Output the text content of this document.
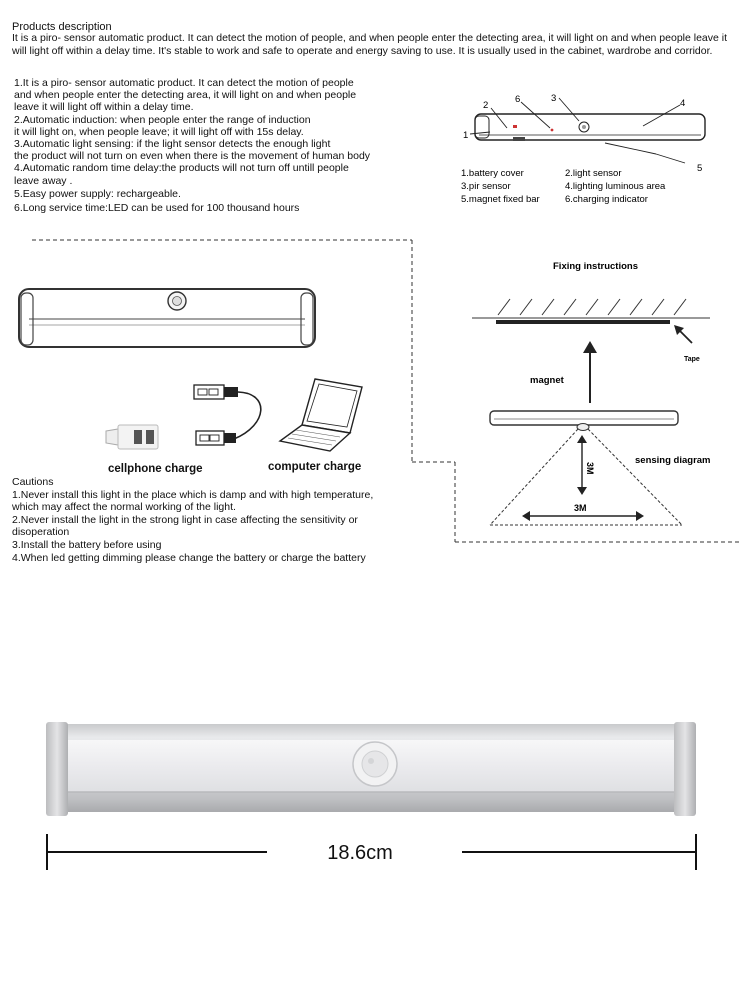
Products description

It is a piro- sensor automatic product. It can detect the motion of people, and when people enter the detecting area, it will light on and when people leave it will light off within a delay time. It's stable to work and safe to operate and energy saving to use. It is usually used in the cabinet, wardrobe and corridor.

1.It is a piro- sensor automatic product. It can detect the motion of people
and when people enter the detecting area, it will light on and when people
leave it will light off within a delay time.

2.Automatic induction: when people enter the range of induction
it will light on, when people leave; it will light off with 15s delay.

3.Automatic light sensing: if the light sensor detects the enough light
the product will not turn on even when there is the movement of human body

4.Automatic random time delay:the products will not turn off untill people
leave away .

5.Easy power supply: rechargeable.

6.Long service time:LED can be used for 100 thousand hours

1
2
3	4
5
6
1.battery cover	2.light sensor
3.pir sensor	4.lighting luminous area
5.magnet fixed bar	6.charging indicator
cellphone charge	computer charge
Fixing instructions
Tape
magnet
3M
3M
sensing diagram

Cautions

1.Never install this light in the place which is damp and with high temperature,
which may affect the normal working of the light.

2.Never install the light in the strong light in case affecting the sensitivity or
disoperation

3.Install the battery before using

4.When led getting dimming please change the battery or charge the battery

18.6cm
